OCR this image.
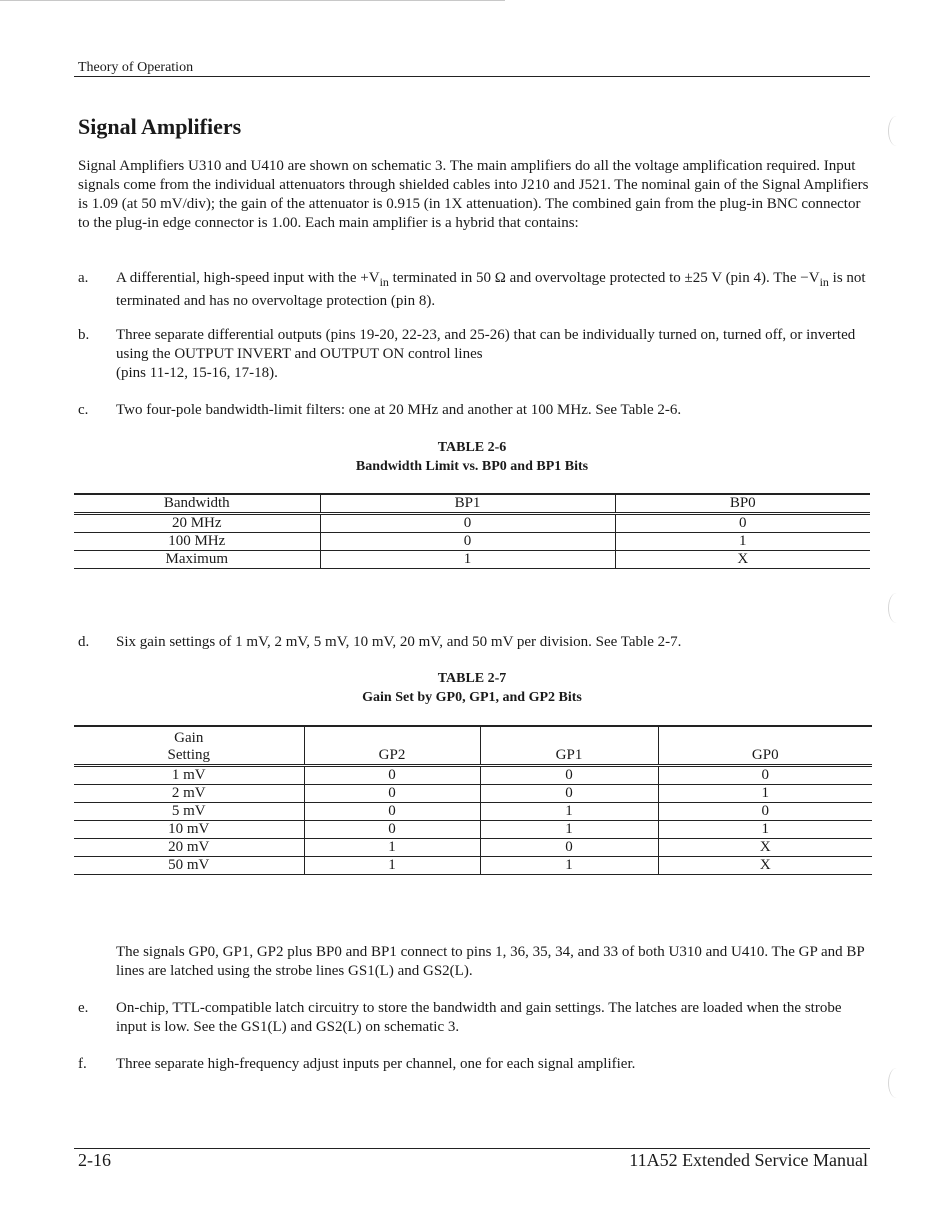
Theory of Operation
Signal Amplifiers
Signal Amplifiers U310 and U410 are shown on schematic 3. The main amplifiers do all the voltage amplification required. Input signals come from the individual attenuators through shielded cables into J210 and J521. The nominal gain of the Signal Amplifiers is 1.09 (at 50 mV/div); the gain of the attenuator is 0.915 (in 1X attenuation). The combined gain from the plug-in BNC connector to the plug-in edge connector is 1.00. Each main amplifier is a hybrid that contains:
a. A differential, high-speed input with the $+V_{in}$ terminated in 50 Ω and overvoltage protected to ±25 V (pin 4). The $-V_{in}$ is not terminated and has no overvoltage protection (pin 8).
b. Three separate differential outputs (pins 19-20, 22-23, and 25-26) that can be individually turned on, turned off, or inverted using the OUTPUT INVERT and OUTPUT ON control lines
(pins 11-12, 15-16, 17-18).
c. Two four-pole bandwidth-limit filters: one at 20 MHz and another at 100 MHz. See Table 2-6.
TABLE 2-6
Bandwidth Limit vs. BP0 and BP1 Bits
Bandwidth	BP1	BP0
20 MHz	0	0
100 MHz	0	1
Maximum	1	X
d. Six gain settings of 1 mV, 2 mV, 5 mV, 10 mV, 20 mV, and 50 mV per division. See Table 2-7.
TABLE 2-7
Gain Set by GP0, GP1, and GP2 Bits
Gain
Setting	GP2	GP1	GP0
1 mV	0	0	0
2 mV	0	0	1
5 mV	0	1	0
10 mV	0	1	1
20 mV	1	0	X
50 mV	1	1	X
The signals GP0, GP1, GP2 plus BP0 and BP1 connect to pins 1, 36, 35, 34, and 33 of both U310 and U410. The GP and BP lines are latched using the strobe lines GS1(L) and GS2(L).
e. On-chip, TTL-compatible latch circuitry to store the bandwidth and gain settings. The latches are loaded when the strobe input is low. See the GS1(L) and GS2(L) on schematic 3.
f. Three separate high-frequency adjust inputs per channel, one for each signal amplifier.
2-16	11A52 Extended Service Manual
